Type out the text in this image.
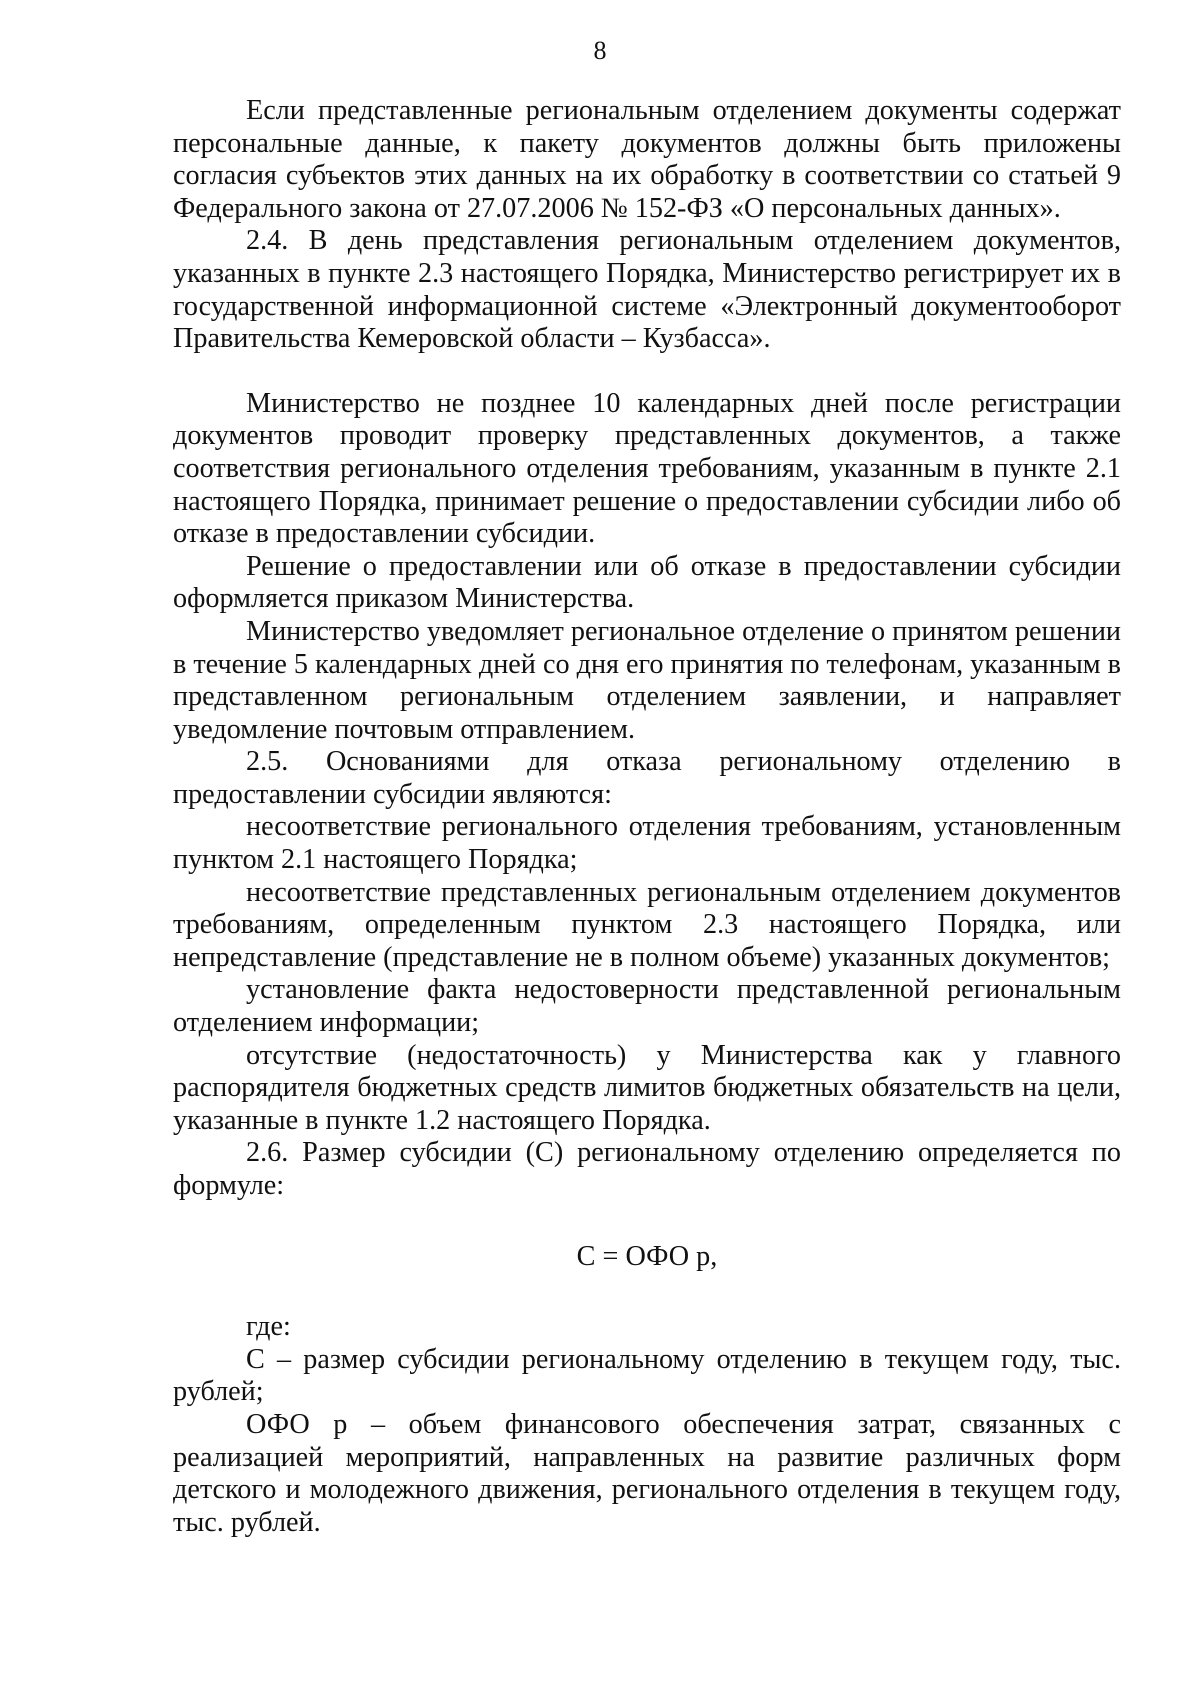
8

Если представленные региональным отделением документы содержат персональные данные, к пакету документов должны быть приложены согласия субъектов этих данных на их обработку в соответствии со статьей 9 Федерального закона от 27.07.2006 № 152-ФЗ «О персональных данных».

2.4. В день представления региональным отделением документов, указанных в пункте 2.3 настоящего Порядка, Министерство регистрирует их в государственной информационной системе «Электронный документооборот Правительства Кемеровской области – Кузбасса».

Министерство не позднее 10 календарных дней после регистрации документов проводит проверку представленных документов, а также соответствия регионального отделения требованиям, указанным в пункте 2.1 настоящего Порядка, принимает решение о предоставлении субсидии либо об отказе в предоставлении субсидии.

Решение о предоставлении или об отказе в предоставлении субсидии оформляется приказом Министерства.

Министерство уведомляет региональное отделение о принятом решении в течение 5 календарных дней со дня его принятия по телефонам, указанным в представленном региональным отделением заявлении, и направляет уведомление почтовым отправлением.

2.5. Основаниями для отказа региональному отделению в предоставлении субсидии являются:

несоответствие регионального отделения требованиям, установленным пунктом 2.1 настоящего Порядка;

несоответствие представленных региональным отделением документов требованиям, определенным пунктом 2.3 настоящего Порядка, или непредставление (представление не в полном объеме) указанных документов;

установление факта недостоверности представленной региональным отделением информации;

отсутствие (недостаточность) у Министерства как у главного распорядителя бюджетных средств лимитов бюджетных обязательств на цели, указанные в пункте 1.2 настоящего Порядка.

2.6. Размер субсидии (С) региональному отделению определяется по формуле:

С = ОФО р,

где:

С – размер субсидии региональному отделению в текущем году, тыс. рублей;

ОФО р – объем финансового обеспечения затрат, связанных с реализацией мероприятий, направленных на развитие различных форм детского и молодежного движения, регионального отделения в текущем году, тыс. рублей.
